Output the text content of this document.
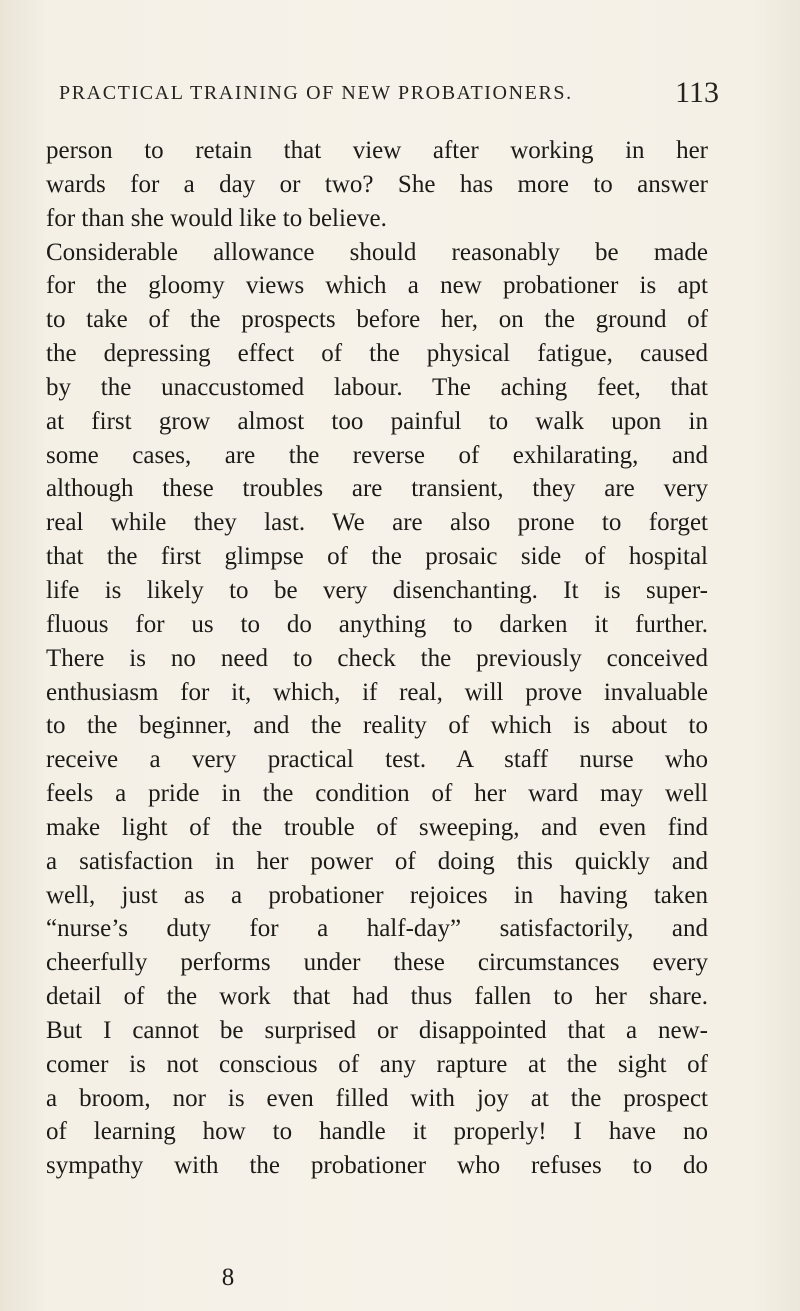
PRACTICAL TRAINING OF NEW PROBATIONERS.	113
person to retain that view after working in her
wards for a day or two? She has more to answer
for than she would like to believe.
Considerable allowance should reasonably be made
for the gloomy views which a new probationer is apt
to take of the prospects before her, on the ground of
the depressing effect of the physical fatigue, caused
by the unaccustomed labour. The aching feet, that
at first grow almost too painful to walk upon in
some cases, are the reverse of exhilarating, and
although these troubles are transient, they are very
real while they last. We are also prone to forget
that the first glimpse of the prosaic side of hospital
life is likely to be very disenchanting. It is super-
fluous for us to do anything to darken it further.
There is no need to check the previously conceived
enthusiasm for it, which, if real, will prove invaluable
to the beginner, and the reality of which is about to
receive a very practical test. A staff nurse who
feels a pride in the condition of her ward may well
make light of the trouble of sweeping, and even find
a satisfaction in her power of doing this quickly and
well, just as a probationer rejoices in having taken
“nurse’s duty for a half-day” satisfactorily, and
cheerfully performs under these circumstances every
detail of the work that had thus fallen to her share.
But I cannot be surprised or disappointed that a new-
comer is not conscious of any rapture at the sight of
a broom, nor is even filled with joy at the prospect
of learning how to handle it properly! I have no
sympathy with the probationer who refuses to do
8
